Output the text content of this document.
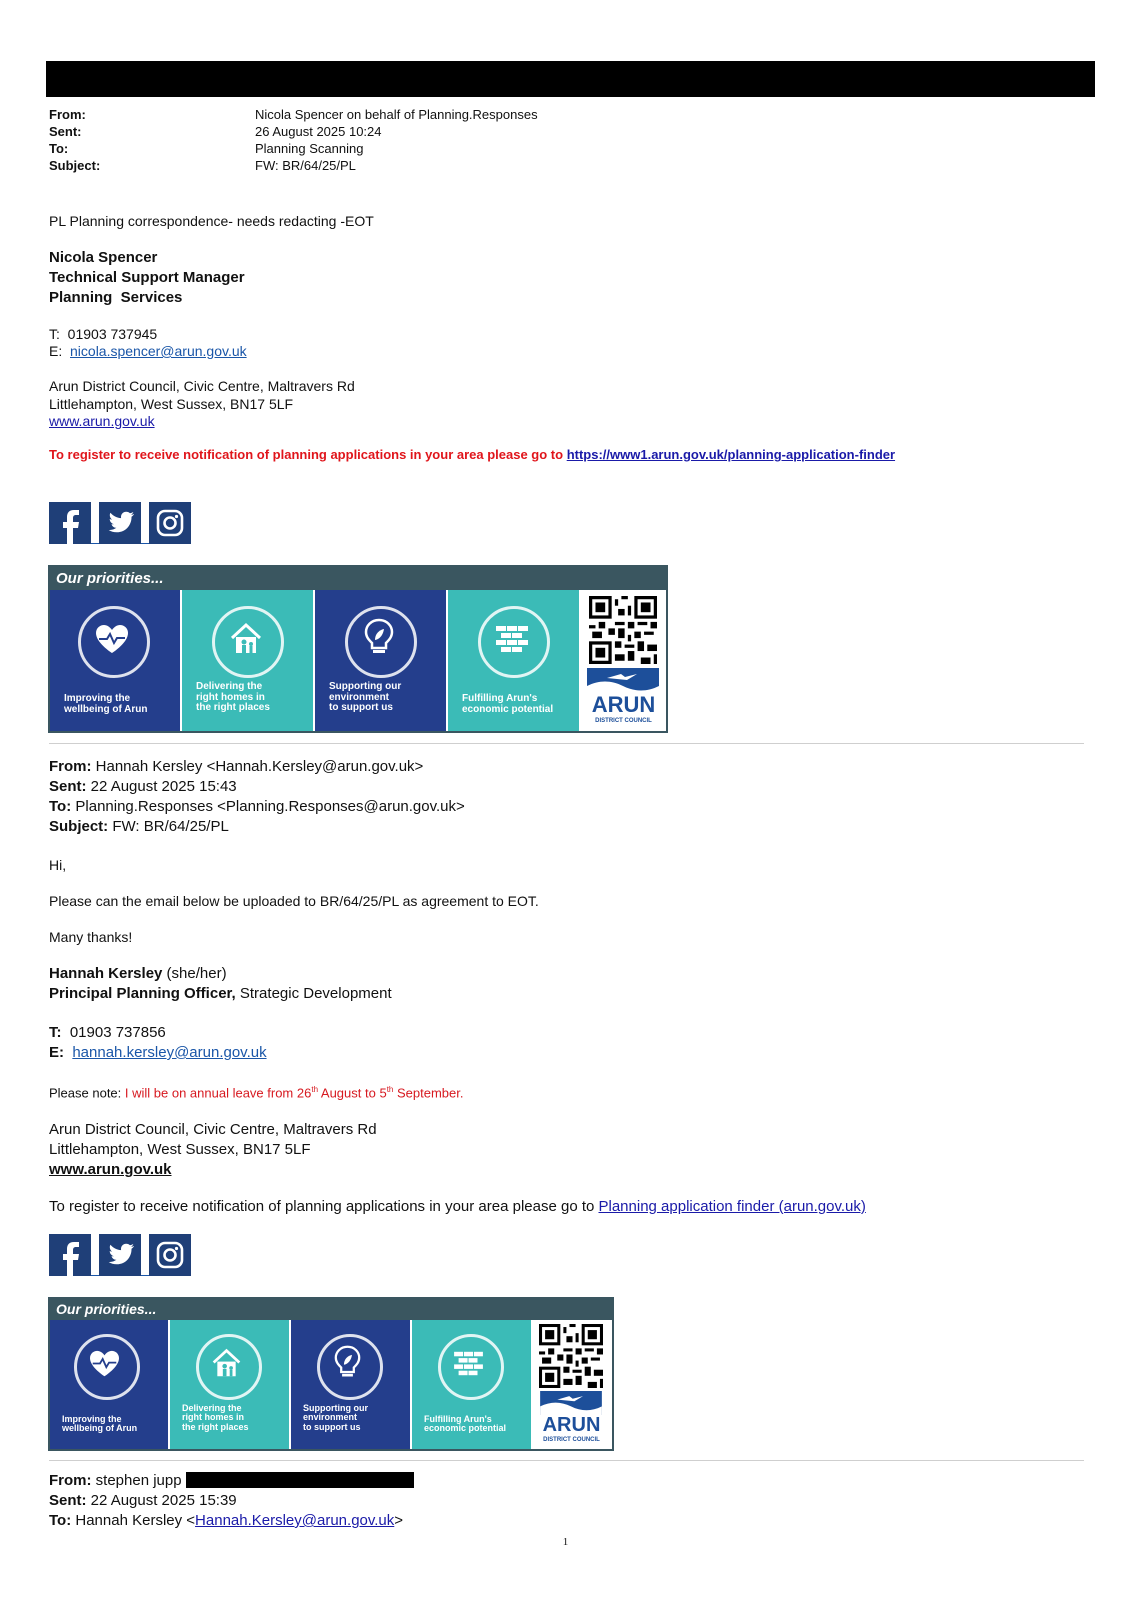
From:	Nicola Spencer on behalf of Planning.Responses
Sent:	26 August 2025 10:24
To:	Planning Scanning
Subject:	FW: BR/64/25/PL
PL Planning correspondence- needs redacting -EOT
Nicola Spencer
Technical Support Manager
Planning  Services
T:  01903 737945
E:  nicola.spencer@arun.gov.uk
Arun District Council, Civic Centre, Maltravers Rd
Littlehampton, West Sussex, BN17 5LF
www.arun.gov.uk
To register to receive notification of planning applications in your area please go to https://www1.arun.gov.uk/planning-application-finder
Our priorities...
Improving the
wellbeing of Arun
Delivering the
right homes in
the right places
Supporting our
environment
to support us
Fulfilling Arun's
economic potential	ARUN
DISTRICT COUNCIL
From: Hannah Kersley <Hannah.Kersley@arun.gov.uk>
Sent: 22 August 2025 15:43
To: Planning.Responses <Planning.Responses@arun.gov.uk>
Subject: FW: BR/64/25/PL
Hi,
Please can the email below be uploaded to BR/64/25/PL as agreement to EOT.
Many thanks!
Hannah Kersley (she/her)
Principal Planning Officer, Strategic Development
T:  01903 737856
E: hannah.kersley@arun.gov.uk
Please note: I will be on annual leave from 26th August to 5th September.
Arun District Council, Civic Centre, Maltravers Rd
Littlehampton, West Sussex, BN17 5LF
www.arun.gov.uk
To register to receive notification of planning applications in your area please go to Planning application finder (arun.gov.uk)
Our priorities...
Improving the
wellbeing of Arun
Delivering the
right homes in
the right places
Supporting our
environment
to support us
Fulfilling Arun's
economic potential	ARUN
DISTRICT COUNCIL
From: stephen jupp
Sent: 22 August 2025 15:39
To: Hannah Kersley <Hannah.Kersley@arun.gov.uk>
1
